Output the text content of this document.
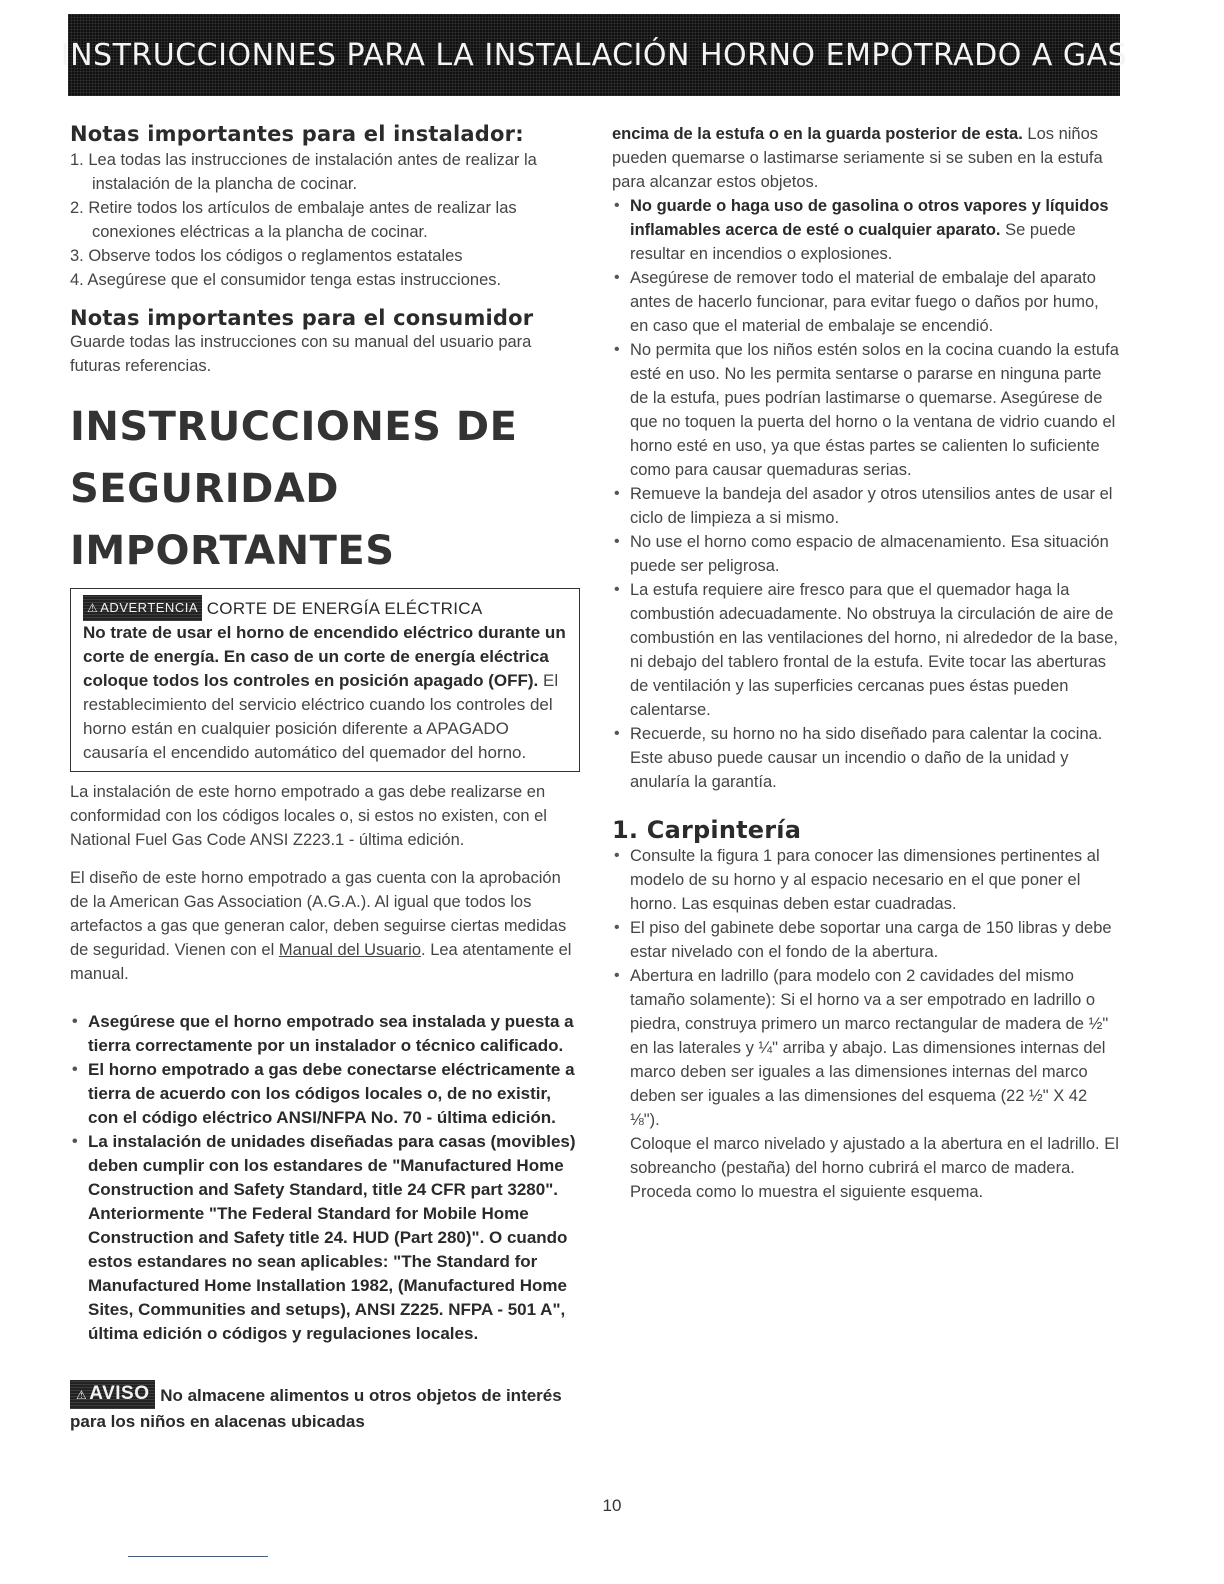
INSTRUCCIONNES PARA LA INSTALACIÓN HORNO EMPOTRADO A GAS
Notas importantes para el instalador:
1. Lea todas las instrucciones de instalación antes de realizar la instalación de la plancha de cocinar.
2. Retire todos los artículos de embalaje antes de realizar las conexiones eléctricas a la plancha de cocinar.
3. Observe todos los códigos o reglamentos estatales
4. Asegúrese que el consumidor tenga estas instrucciones.
Notas importantes para el consumidor

Guarde todas las instrucciones con su manual del usuario para futuras referencias.

INSTRUCCIONES DE
SEGURIDAD IMPORTANTES
⚠ ADVERTENCIA CORTE DE ENERGÍA ELÉCTRICA
No trate de usar el horno de encendido eléctrico durante un corte de energía. En caso de un corte de energía eléctrica coloque todos los controles en posición apagado (OFF). El restablecimiento del servicio eléctrico cuando los controles del horno están en cualquier posición diferente a APAGADO causaría el encendido automático del quemador del horno.

La instalación de este horno empotrado a gas debe realizarse en conformidad con los códigos locales o, si estos no existen, con el National Fuel Gas Code ANSI Z223.1 - última edición.

El diseño de este horno empotrado a gas cuenta con la aprobación de la American Gas Association (A.G.A.). Al igual que todos los artefactos a gas que generan calor, deben seguirse ciertas medidas de seguridad. Vienen con el Manual del Usuario. Lea atentamente el manual.

• Asegúrese que el horno empotrado sea instalada y puesta a tierra correctamente por un instalador o técnico calificado.
• El horno empotrado a gas debe conectarse eléctricamente a tierra de acuerdo con los códigos locales o, de no existir, con el código eléctrico ANSI/NFPA No. 70 - última edición.
• La instalación de unidades diseñadas para casas (movibles) deben cumplir con los estandares de "Manufactured Home Construction and Safety Standard, title 24 CFR part 3280". Anteriormente "The Federal Standard for Mobile Home Construction and Safety title 24. HUD (Part 280)". O cuando estos estandares no sean aplicables: "The Standard for Manufactured Home Installation 1982, (Manufactured Home Sites, Communities and setups), ANSI Z225. NFPA - 501 A", última edición o códigos y regulaciones locales.

⚠ AVISO No almacene alimentos u otros objetos de interés para los niños en alacenas ubicadas

encima de la estufa o en la guarda posterior de esta. Los niños pueden quemarse o lastimarse seriamente si se suben en la estufa para alcanzar estos objetos.

• No guarde o haga uso de gasolina o otros vapores y líquidos inflamables acerca de esté o cualquier aparato. Se puede resultar en incendios o explosiones.
• Asegúrese de remover todo el material de embalaje del aparato antes de hacerlo funcionar, para evitar fuego o daños por humo, en caso que el material de embalaje se encendió.
• No permita que los niños estén solos en la cocina cuando la estufa esté en uso. No les permita sentarse o pararse en ninguna parte de la estufa, pues podrían lastimarse o quemarse. Asegúrese de que no toquen la puerta del horno o la ventana de vidrio cuando el horno esté en uso, ya que éstas partes se calienten lo suficiente como para causar quemaduras serias.
• Remueve la bandeja del asador y otros utensilios antes de usar el ciclo de limpieza a si mismo.
• No use el horno como espacio de almacenamiento. Esa situación puede ser peligrosa.
• La estufa requiere aire fresco para que el quemador haga la combustión adecuadamente. No obstruya la circulación de aire de combustión en las ventilaciones del horno, ni alrededor de la base, ni debajo del tablero frontal de la estufa. Evite tocar las aberturas de ventilación y las superficies cercanas pues éstas pueden calentarse.
• Recuerde, su horno no ha sido diseñado para calentar la cocina. Este abuso puede causar un incendio o daño de la unidad y anularía la garantía.
1. Carpintería
• Consulte la figura 1 para conocer las dimensiones pertinentes al modelo de su horno y al espacio necesario en el que poner el horno. Las esquinas deben estar cuadradas.
• El piso del gabinete debe soportar una carga de 150 libras y debe estar nivelado con el fondo de la abertura.
• Abertura en ladrillo (para modelo con 2 cavidades del mismo tamaño solamente): Si el horno va a ser empotrado en ladrillo o piedra, construya primero un marco rectangular de madera de ½" en las laterales y ¼" arriba y abajo. Las dimensiones internas del marco deben ser iguales a las dimensiones internas del marco deben ser iguales a las dimensiones del esquema (22 ½" X 42 ⅛").

Coloque el marco nivelado y ajustado a la abertura en el ladrillo. El sobreancho (pestaña) del horno cubrirá el marco de madera. Proceda como lo muestra el siguiente esquema.

10
